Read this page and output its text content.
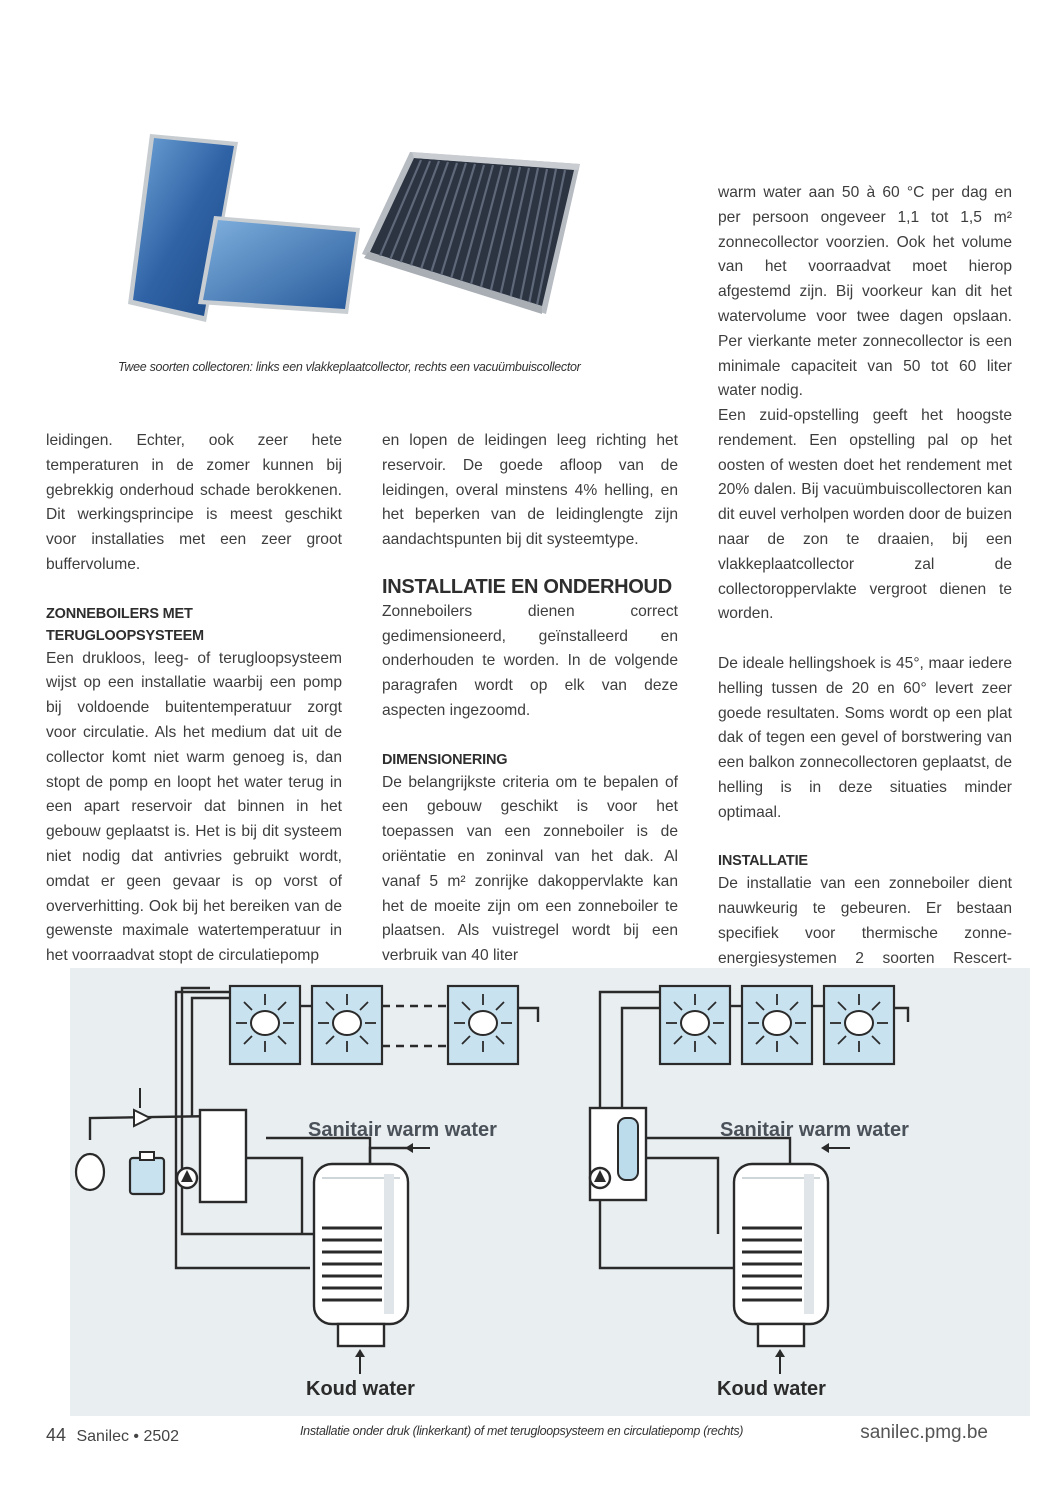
Twee soorten collectoren: links een vlakkeplaatcollector, rechts een vacuümbuiscollector

warm water aan 50 à 60 °C per dag en per persoon ongeveer 1,1 tot 1,5 m² zonnecollector voorzien. Ook het volume van het voorraadvat moet hierop afgestemd zijn. Bij voorkeur kan dit het watervolume voor twee dagen opslaan. Per vierkante meter zonnecollector is een minimale capaciteit van 50 tot 60 liter water nodig.

leidingen. Echter, ook zeer hete temperaturen in de zomer kunnen bij gebrekkig onderhoud schade berokkenen. Dit werkingsprincipe is meest geschikt voor installaties met een zeer groot buffervolume.

ZONNEBOILERS MET
TERUGLOOPSYSTEEM

Een drukloos, leeg- of terugloopsysteem wijst op een installatie waarbij een pomp bij voldoende buitentemperatuur zorgt voor circulatie. Als het medium dat uit de collector komt niet warm genoeg is, dan stopt de pomp en loopt het water terug in een apart reservoir dat binnen in het gebouw geplaatst is. Het is bij dit systeem niet nodig dat antivries gebruikt wordt, omdat er geen gevaar is op vorst of oververhitting. Ook bij het bereiken van de gewenste maximale watertemperatuur in het voorraadvat stopt de circulatiepomp

en lopen de leidingen leeg richting het reservoir. De goede afloop van de leidingen, overal minstens 4% helling, en het beperken van de leidinglengte zijn aandachtspunten bij dit systeemtype.

INSTALLATIE EN ONDERHOUD

Zonneboilers dienen correct gedimensioneerd, geïnstalleerd en onderhouden te worden. In de volgende paragrafen wordt op elk van deze aspecten ingezoomd.

DIMENSIONERING

De belangrijkste criteria om te bepalen of een gebouw geschikt is voor het toepassen van een zonneboiler is de oriëntatie en zoninval van het dak. Al vanaf 5 m² zonrijke dakoppervlakte kan het de moeite zijn om een zonneboiler te plaatsen. Als vuistregel wordt bij een verbruik van 40 liter

Een zuid-opstelling geeft het hoogste rendement. Een opstelling pal op het oosten of westen doet het rendement met 20% dalen. Bij vacuümbuiscollectoren kan dit euvel verholpen worden door de buizen naar de zon te draaien, bij een vlakkeplaatcollector zal de collectoroppervlakte vergroot dienen te worden.

De ideale hellingshoek is 45°, maar iedere helling tussen de 20 en 60° levert zeer goede resultaten. Soms wordt op een plat dak of tegen een gevel of borstwering van een balkon zonnecollectoren geplaatst, de helling is in deze situaties minder optimaal.

INSTALLATIE

De installatie van een zonneboiler dient nauwkeurig te gebeuren. Er bestaan specifiek voor thermische zonne-energiesystemen 2 soorten Rescert-

Sanitair warm water
Koud water
Sanitair warm water
Koud water
Installatie onder druk (linkerkant) of met terugloopsysteem en circulatiepomp (rechts)
44 Sanilec • 2502	sanilec.pmg.be
